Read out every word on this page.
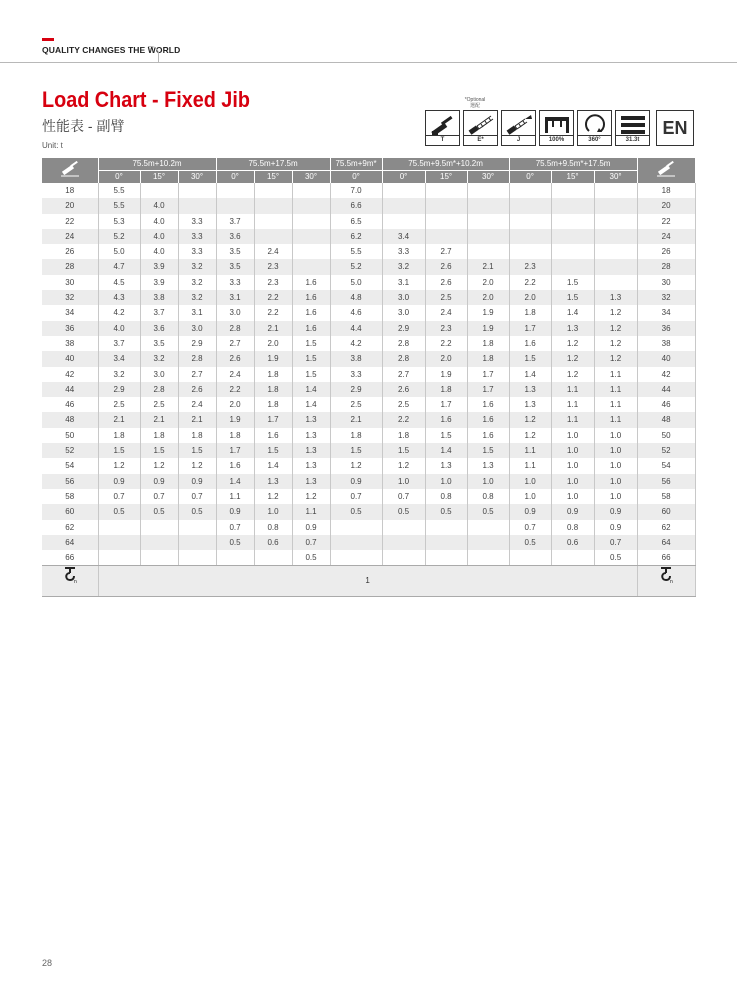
QUALITY CHANGES THE WORLD
Load Chart - Fixed Jib
性能表 - 副臂
Unit: t
*Optional
選配
T	E*	J	100%	360°	31.3t
EN
	75.5m+10.2m			75.5m+17.5m			75.5m+9m*	75.5m+9.5m*+10.2m			75.5m+9.5m*+17.5m	
	0°	15°	30°	0°	15°	30°	0°	0°	15°	30°	0°	15°	30°	
18	5.5						7.0							18
20	5.5	4.0					6.6							20
22	5.3	4.0	3.3	3.7			6.5							22
24	5.2	4.0	3.3	3.6			6.2	3.4						24
26	5.0	4.0	3.3	3.5	2.4		5.5	3.3	2.7					26
28	4.7	3.9	3.2	3.5	2.3		5.2	3.2	2.6	2.1	2.3			28
30	4.5	3.9	3.2	3.3	2.3	1.6	5.0	3.1	2.6	2.0	2.2	1.5		30
32	4.3	3.8	3.2	3.1	2.2	1.6	4.8	3.0	2.5	2.0	2.0	1.5	1.3	32
34	4.2	3.7	3.1	3.0	2.2	1.6	4.6	3.0	2.4	1.9	1.8	1.4	1.2	34
36	4.0	3.6	3.0	2.8	2.1	1.6	4.4	2.9	2.3	1.9	1.7	1.3	1.2	36
38	3.7	3.5	2.9	2.7	2.0	1.5	4.2	2.8	2.2	1.8	1.6	1.2	1.2	38
40	3.4	3.2	2.8	2.6	1.9	1.5	3.8	2.8	2.0	1.8	1.5	1.2	1.2	40
42	3.2	3.0	2.7	2.4	1.8	1.5	3.3	2.7	1.9	1.7	1.4	1.2	1.1	42
44	2.9	2.8	2.6	2.2	1.8	1.4	2.9	2.6	1.8	1.7	1.3	1.1	1.1	44
46	2.5	2.5	2.4	2.0	1.8	1.4	2.5	2.5	1.7	1.6	1.3	1.1	1.1	46
48	2.1	2.1	2.1	1.9	1.7	1.3	2.1	2.2	1.6	1.6	1.2	1.1	1.1	48
50	1.8	1.8	1.8	1.8	1.6	1.3	1.8	1.8	1.5	1.6	1.2	1.0	1.0	50
52	1.5	1.5	1.5	1.7	1.5	1.3	1.5	1.5	1.4	1.5	1.1	1.0	1.0	52
54	1.2	1.2	1.2	1.6	1.4	1.3	1.2	1.2	1.3	1.3	1.1	1.0	1.0	54
56	0.9	0.9	0.9	1.4	1.3	1.3	0.9	1.0	1.0	1.0	1.0	1.0	1.0	56
58	0.7	0.7	0.7	1.1	1.2	1.2	0.7	0.7	0.8	0.8	1.0	1.0	1.0	58
60	0.5	0.5	0.5	0.9	1.0	1.1	0.5	0.5	0.5	0.5	0.9	0.9	0.9	60
62				0.7	0.8	0.9					0.7	0.8	0.9	62
64				0.5	0.6	0.7					0.5	0.6	0.7	64
66						0.5							0.5	66

n	1													n
28
